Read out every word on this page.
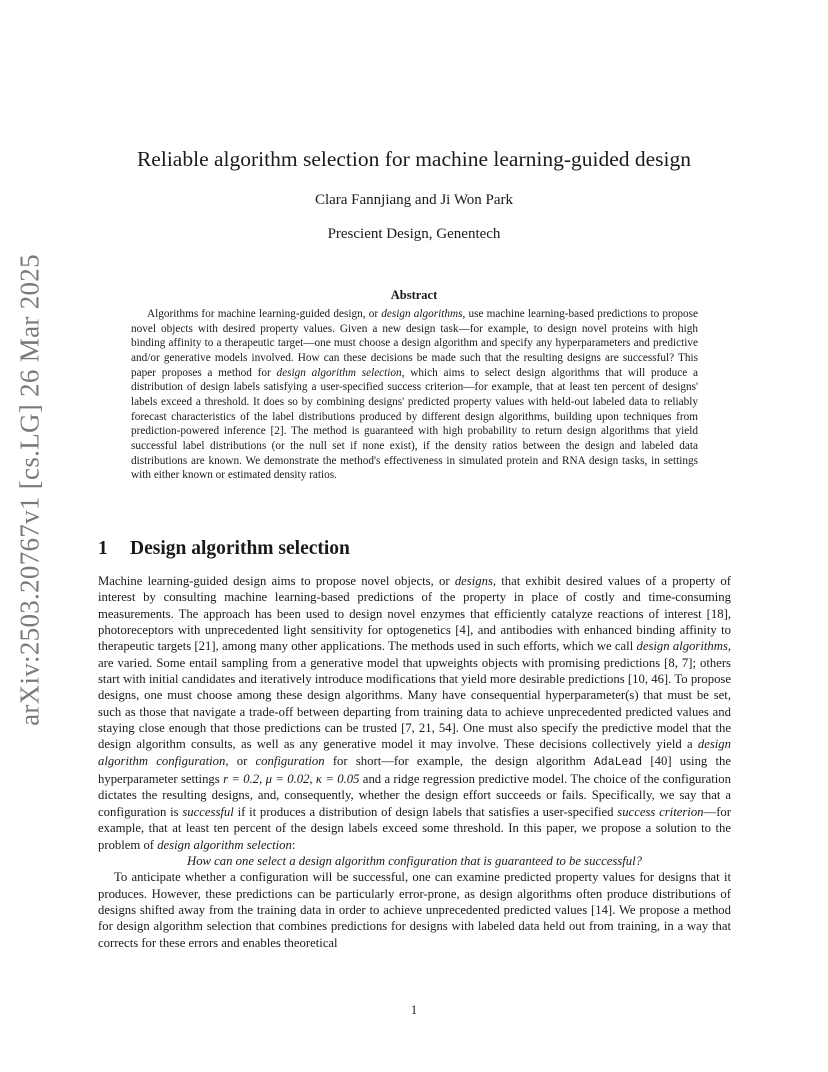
arXiv:2503.20767v1 [cs.LG] 26 Mar 2025
Reliable algorithm selection for machine learning-guided design
Clara Fannjiang and Ji Won Park
Prescient Design, Genentech
Abstract
Algorithms for machine learning-guided design, or design algorithms, use machine learning-based predictions to propose novel objects with desired property values. Given a new design task—for example, to design novel proteins with high binding affinity to a therapeutic target—one must choose a design algorithm and specify any hyperparameters and predictive and/or generative models involved. How can these decisions be made such that the resulting designs are successful? This paper proposes a method for design algorithm selection, which aims to select design algorithms that will produce a distribution of design labels satisfying a user-specified success criterion—for example, that at least ten percent of designs' labels exceed a threshold. It does so by combining designs' predicted property values with held-out labeled data to reliably forecast characteristics of the label distributions produced by different design algorithms, building upon techniques from prediction-powered inference [2]. The method is guaranteed with high probability to return design algorithms that yield successful label distributions (or the null set if none exist), if the density ratios between the design and labeled data distributions are known. We demonstrate the method's effectiveness in simulated protein and RNA design tasks, in settings with either known or estimated density ratios.
1 Design algorithm selection

Machine learning-guided design aims to propose novel objects, or designs, that exhibit desired values of a property of interest by consulting machine learning-based predictions of the property in place of costly and time-consuming measurements. The approach has been used to design novel enzymes that efficiently catalyze reactions of interest [18], photoreceptors with unprecedented light sensitivity for optogenetics [4], and antibodies with enhanced binding affinity to therapeutic targets [21], among many other applications. The methods used in such efforts, which we call design algorithms, are varied. Some entail sampling from a generative model that upweights objects with promising predictions [8, 7]; others start with initial candidates and iteratively introduce modifications that yield more desirable predictions [10, 46]. To propose designs, one must choose among these design algorithms. Many have consequential hyperparameter(s) that must be set, such as those that navigate a trade-off between departing from training data to achieve unprecedented predicted values and staying close enough that those predictions can be trusted [7, 21, 54]. One must also specify the predictive model that the design algorithm consults, as well as any generative model it may involve. These decisions collectively yield a design algorithm configuration, or configuration for short—for example, the design algorithm AdaLead [40] using the hyperparameter settings r = 0.2, μ = 0.02, κ = 0.05 and a ridge regression predictive model. The choice of the configuration dictates the resulting designs, and, consequently, whether the design effort succeeds or fails. Specifically, we say that a configuration is successful if it produces a distribution of design labels that satisfies a user-specified success criterion—for example, that at least ten percent of the design labels exceed some threshold. In this paper, we propose a solution to the problem of design algorithm selection:

How can one select a design algorithm configuration that is guaranteed to be successful?

To anticipate whether a configuration will be successful, one can examine predicted property values for designs that it produces. However, these predictions can be particularly error-prone, as design algorithms often produce distributions of designs shifted away from the training data in order to achieve unprecedented predicted values [14]. We propose a method for design algorithm selection that combines predictions for designs with labeled data held out from training, in a way that corrects for these errors and enables theoretical

1
